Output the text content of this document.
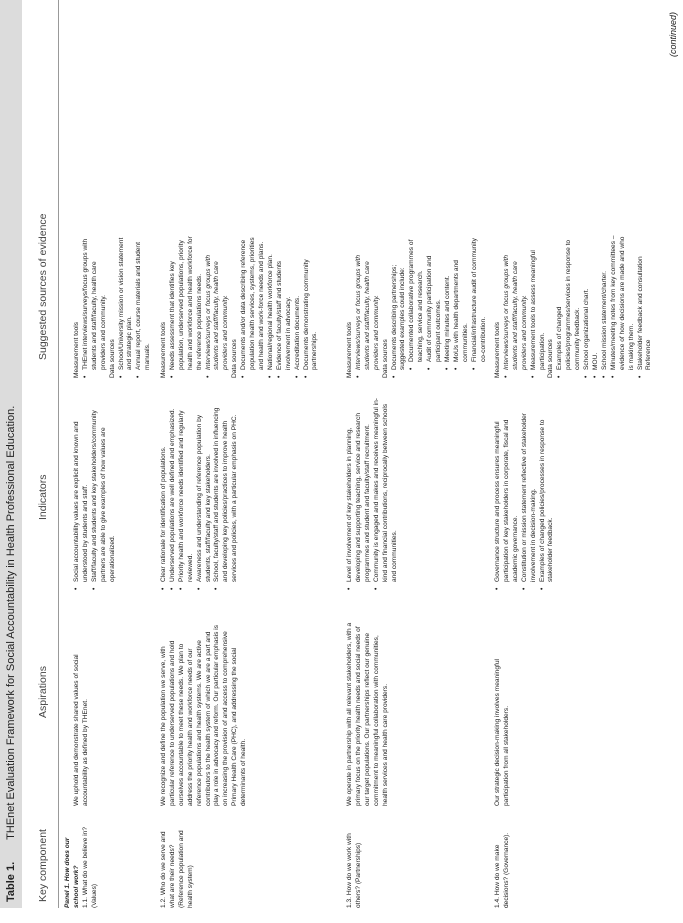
Table 1.THEnet Evaluation Framework for Social Accountability in Health Professional Education.
Key component
Aspirations
Indicators
Suggested sources of evidence
Panel 1. How does our school work? 1.1. What do we believe in? (Values)
We uphold and demonstrate shared values of social accountability as defined by THEnet.
• Social accountability values are explicit and known and understood by students and staff. • Staff/faculty and students and key stakeholders/community partners are able to give examples of how values are operationalized.
Measurement tools • THEnet interviews/surveys/focus groups with students and staff/faculty, health care providers and community. Data sources • School/University mission or vision statement and strategic plan. • Annual report, course materials and student manuals.
1.2. Who do we serve and what are their needs? (Reference population and health system)
We recognize and define the population we serve, with particular reference to underserved populations and hold ourselves accountable to meet these needs. We plan to address the priority health and workforce needs of our reference populations and health systems. We are active contributors to the health system of which we are a part and play a role in advocacy and reform. Our particular emphasis is on increasing the provision of and access to comprehensive Primary Health Care (PHC), and addressing the social determinants of health.
• Clear rationale for identification of populations. • Underserved populations are well defined and emphasized. • Priority health and workforce needs identified and regularly reviewed. • Awareness and understanding of reference population by students, staff/faculty and key stakeholders. • School, faculty/staff and students are involved in influencing and developing key policies/practices to improve health services and policies, with a particular emphasis on PHC.
Measurement tools • Needs assessment that identifies key population, underserved populations, priority health and workforce and health workforce for the reference populations needs. • Interviews/surveys or focus groups with students and staff/faculty, health care providers and community. Data sources • Documents and/or data describing reference population health services, systems, priorities and health and work-force needs and plans. • National/regional health workforce plan. • Evidence of faculty/staff and students involvement in advocacy. • Accreditation documents. • Documents demonstrating community partnerships.
1.3. How do we work with others? (Partnerships)
We operate in partnership with all relevant stakeholders, with a primary focus on the priority health needs and social needs of our target populations. Our partnerships reflect our genuine commitment to meaningful collaboration with communities, health services and health care providers.
• Level of involvement of key stakeholders in planning, developing and supporting teaching, service and research programmes and student and faculty/staff recruitment. • Community is engaged and makes and receives meaningful in-kind and financial contributions, reciprocally between schools and communities.
Measurement tools • Interviews/surveys or focus groups with students and staff/faculty, health care providers and community. Data sources • Documents describing partnerships; suggested examples could include: • Documented collaborative programmes of teaching, service and research. • Audit of community participation and participant outcomes. • Meeting minutes and content. • MoUs with health departments and communities. • Financial/infrastructure audit of community co-contribution.
1.4. How do we make decisions? (Governance).
Our strategic decision-making involves meaningful participation from all stakeholders.
• Governance structure and process ensures meaningful participation of key stakeholders in corporate, fiscal and academic governance. • Constitution or mission statement reflective of stakeholder involvement in decision-making. • Examples of changed policies/processes in response to stakeholder feedback.
Measurement tools • Interviews/surveys or focus groups with students and staff/faculty, health care providers and community. • Measurement tools to assess meaningful participation. Data sources • Examples of changed policies/programmes/services in response to community feedback. • School organizational chart. • MOU. • School mission statement/charter. • Minutes/meeting notes from key committees – evidence of how decisions are made and who is making them. • Stakeholder feedback and consultation Reference
(continued)
